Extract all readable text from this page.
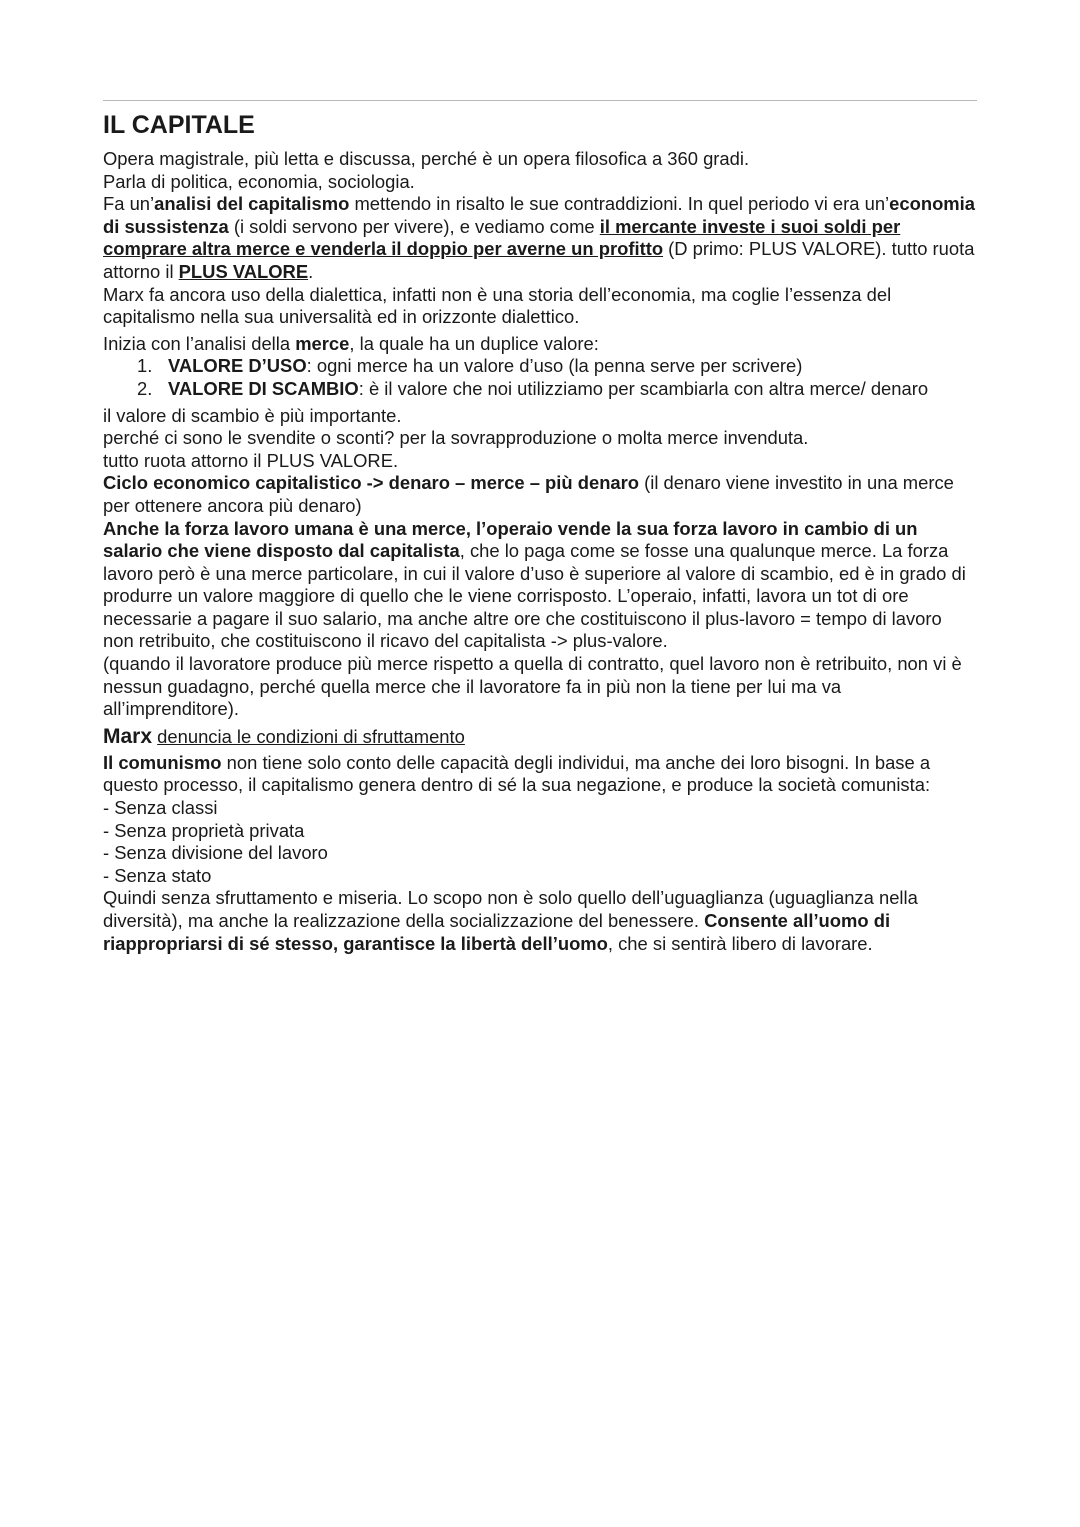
IL CAPITALE

Opera magistrale, più letta e discussa, perché è un opera filosofica a 360 gradi.

Parla di politica, economia, sociologia.

Fa un’analisi del capitalismo mettendo in risalto le sue contraddizioni. In quel periodo vi era un’economia di sussistenza (i soldi servono per vivere), e vediamo come il mercante investe i suoi soldi per comprare altra merce e venderla il doppio per averne un profitto (D primo: PLUS VALORE). tutto ruota attorno il PLUS VALORE.

Marx fa ancora uso della dialettica, infatti non è una storia dell’economia, ma coglie l’essenza del capitalismo nella sua universalità ed in orizzonte dialettico.

Inizia con l’analisi della merce, la quale ha un duplice valore:

1. VALORE D’USO: ogni merce ha un valore d’uso (la penna serve per scrivere)
2. VALORE DI SCAMBIO: è il valore che noi utilizziamo per scambiarla con altra merce/ denaro

il valore di scambio è più importante.

perché ci sono le svendite o sconti? per la sovrapproduzione o molta merce invenduta.

tutto ruota attorno il PLUS VALORE.

Ciclo economico capitalistico -> denaro – merce – più denaro (il denaro viene investito in una merce per ottenere ancora più denaro)

Anche la forza lavoro umana è una merce, l’operaio vende la sua forza lavoro in cambio di un salario che viene disposto dal capitalista, che lo paga come se fosse una qualunque merce. La forza lavoro però è una merce particolare, in cui il valore d’uso è superiore al valore di scambio, ed è in grado di produrre un valore maggiore di quello che le viene corrisposto. L’operaio, infatti, lavora un tot di ore necessarie a pagare il suo salario, ma anche altre ore che costituiscono il plus-lavoro = tempo di lavoro non retribuito, che costituiscono il ricavo del capitalista -> plus-valore.

(quando il lavoratore produce più merce rispetto a quella di contratto, quel lavoro non è retribuito, non vi è nessun guadagno, perché quella merce che il lavoratore fa in più non la tiene per lui ma va all’imprenditore).

Marx denuncia le condizioni di sfruttamento

Il comunismo non tiene solo conto delle capacità degli individui, ma anche dei loro bisogni. In base a questo processo, il capitalismo genera dentro di sé la sua negazione, e produce la società comunista:

- Senza classi

- Senza proprietà privata

- Senza divisione del lavoro

- Senza stato

Quindi senza sfruttamento e miseria. Lo scopo non è solo quello dell’uguaglianza (uguaglianza nella diversità), ma anche la realizzazione della socializzazione del benessere. Consente all’uomo di riappropriarsi di sé stesso, garantisce la libertà dell’uomo, che si sentirà libero di lavorare.
